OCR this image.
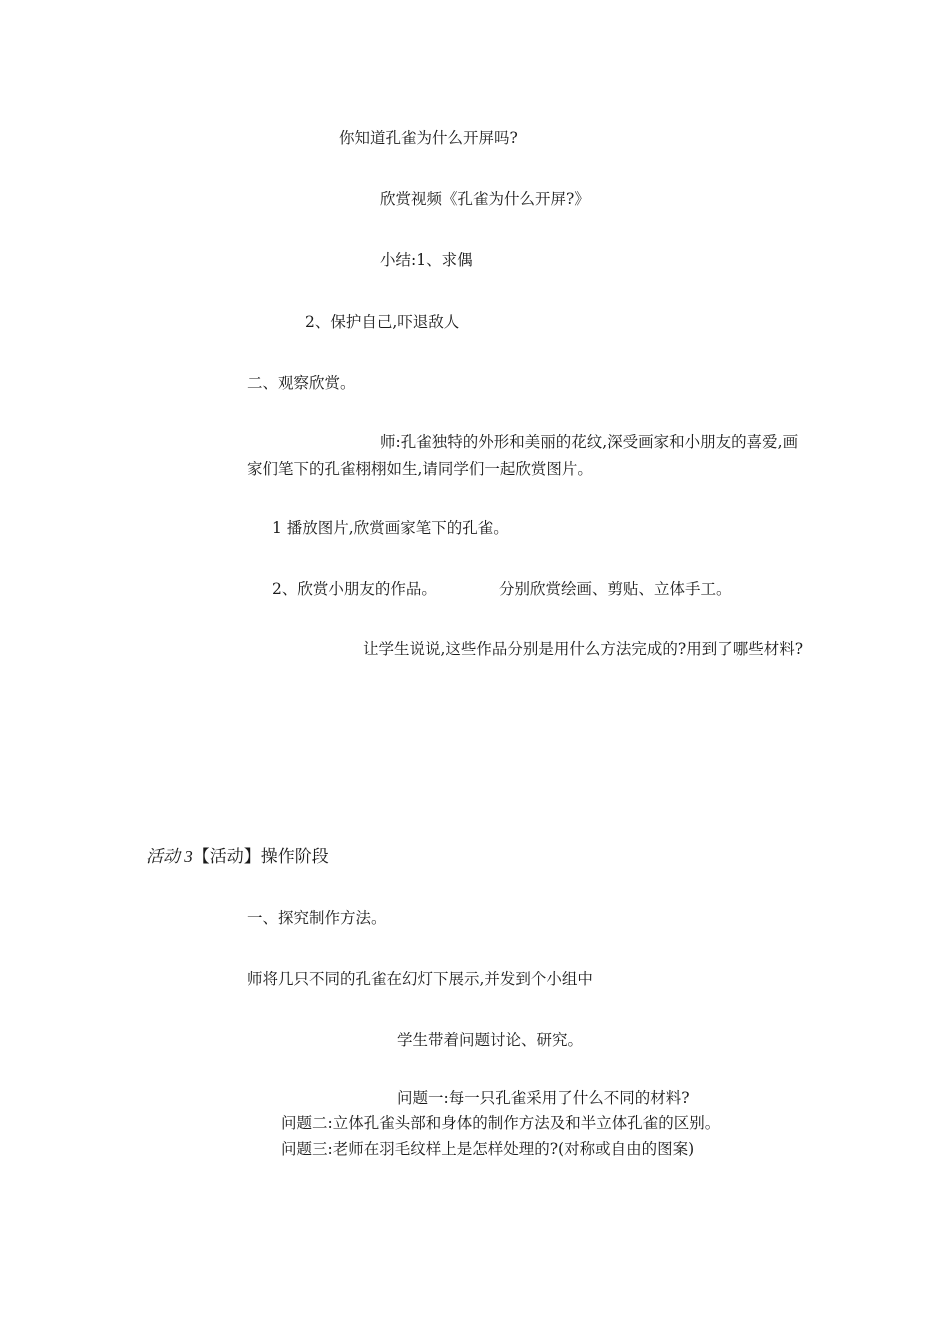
你知道孔雀为什么开屏吗?
欣赏视频《孔雀为什么开屏?》
小结:1、求偶
2、保护自己,吓退敌人
二、观察欣赏。
师:孔雀独特的外形和美丽的花纹,深受画家和小朋友的喜爱,画家们笔下的孔雀栩栩如生,请同学们一起欣赏图片。
1 播放图片,欣赏画家笔下的孔雀。
2、欣赏小朋友的作品。	分别欣赏绘画、剪贴、立体手工。
让学生说说,这些作品分别是用什么方法完成的?用到了哪些材料?
活动 3【活动】操作阶段
一、探究制作方法。
师将几只不同的孔雀在幻灯下展示,并发到个小组中
学生带着问题讨论、研究。
问题一:每一只孔雀采用了什么不同的材料?
问题二:立体孔雀头部和身体的制作方法及和半立体孔雀的区别。
问题三:老师在羽毛纹样上是怎样处理的?(对称或自由的图案)
